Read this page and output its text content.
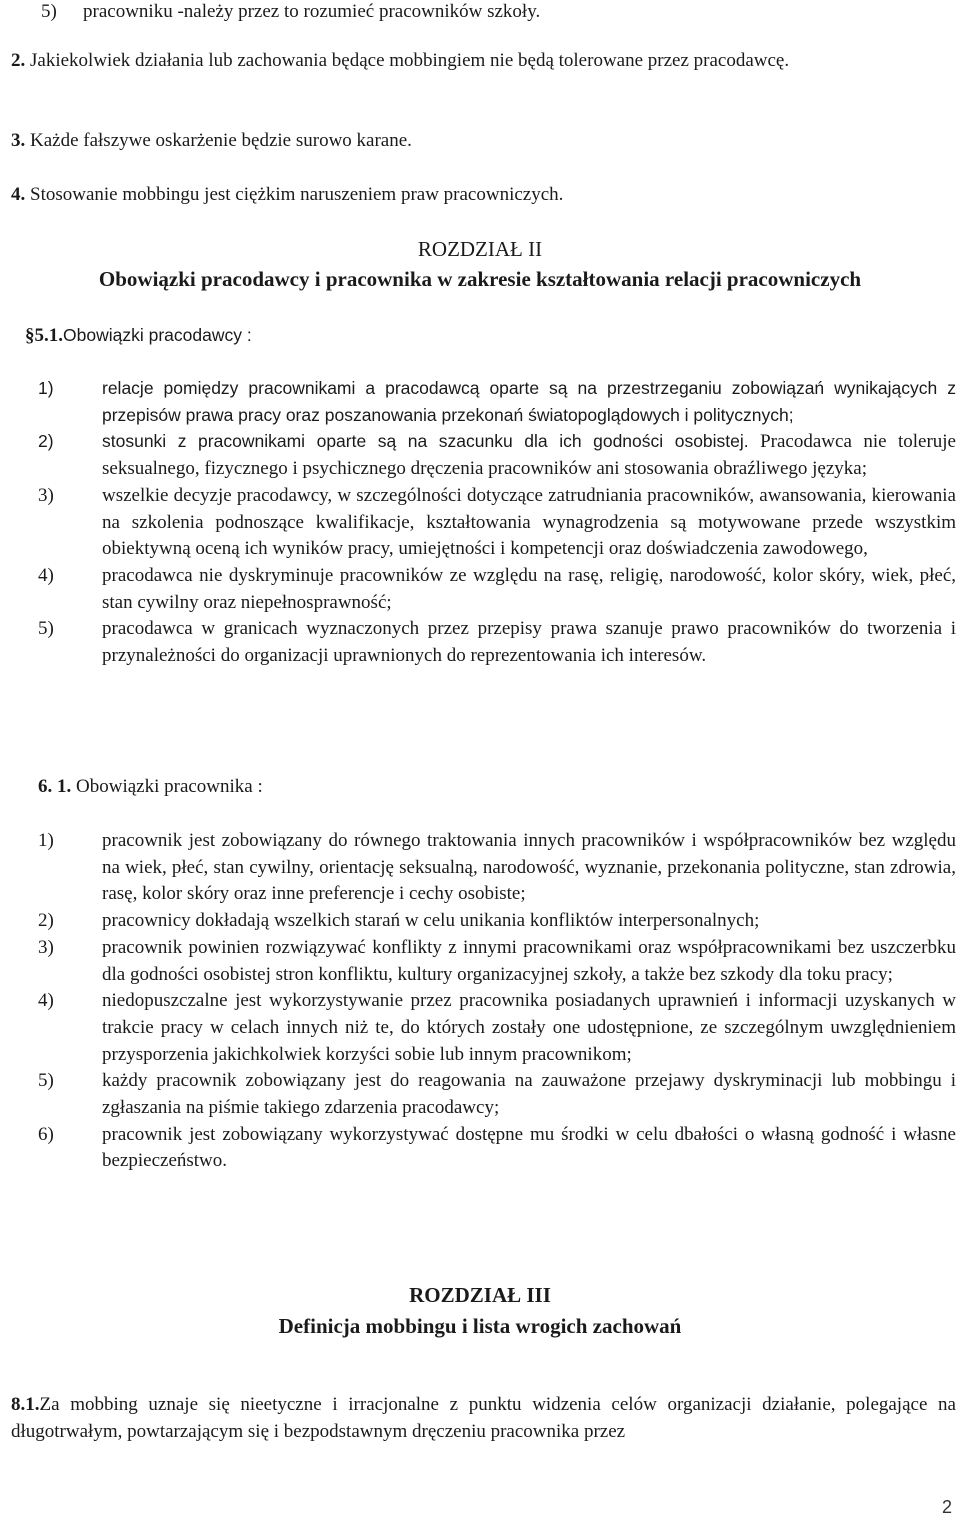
5)	pracowniku -należy przez to rozumieć pracowników szkoły.
2. Jakiekolwiek działania lub zachowania będące mobbingiem nie będą tolerowane przez pracodawcę.
3. Każde fałszywe oskarżenie będzie surowo karane.
4. Stosowanie mobbingu jest ciężkim naruszeniem praw pracowniczych.
ROZDZIAŁ II
Obowiązki pracodawcy i pracownika w zakresie kształtowania relacji pracowniczych
§5.1.Obowiązki pracodawcy :
1)	relacje pomiędzy pracownikami a pracodawcą oparte są na przestrzeganiu zobowiązań wynikających z przepisów prawa pracy oraz poszanowania przekonań światopoglądowych i politycznych;
2)	stosunki z pracownikami oparte są na szacunku dla ich godności osobistej. Pracodawca nie toleruje seksualnego, fizycznego i psychicznego dręczenia pracowników ani stosowania obraźliwego języka;
3)	wszelkie decyzje pracodawcy, w szczególności dotyczące zatrudniania pracowników, awansowania, kierowania na szkolenia podnoszące kwalifikacje, kształtowania wynagrodzenia są motywowane przede wszystkim obiektywną oceną ich wyników pracy, umiejętności i kompetencji oraz doświadczenia zawodowego,
4)	pracodawca nie dyskryminuje pracowników ze względu na rasę, religię, narodowość, kolor skóry, wiek, płeć, stan cywilny oraz niepełnosprawność;
5)	pracodawca w granicach wyznaczonych przez przepisy prawa szanuje prawo pracowników do tworzenia i przynależności do organizacji uprawnionych do reprezentowania ich interesów.
6. 1. Obowiązki pracownika :
1)	pracownik jest zobowiązany do równego traktowania innych pracowników i współpracowników bez względu na wiek, płeć, stan cywilny, orientację seksualną, narodowość, wyznanie, przekonania polityczne, stan zdrowia, rasę, kolor skóry oraz inne preferencje i cechy osobiste;
2)	pracownicy dokładają wszelkich starań w celu unikania konfliktów interpersonalnych;
3)	pracownik powinien rozwiązywać konflikty z innymi pracownikami oraz współpracownikami bez uszczerbku dla godności osobistej stron konfliktu, kultury organizacyjnej szkoły, a także bez szkody dla toku pracy;
4)	niedopuszczalne jest wykorzystywanie przez pracownika posiadanych uprawnień i informacji uzyskanych w trakcie pracy w celach innych niż te, do których zostały one udostępnione, ze szczególnym uwzględnieniem przysporzenia jakichkolwiek korzyści sobie lub innym pracownikom;
5)	każdy pracownik zobowiązany jest do reagowania na zauważone przejawy dyskryminacji lub mobbingu i zgłaszania na piśmie takiego zdarzenia pracodawcy;
6)	pracownik jest zobowiązany wykorzystywać dostępne mu środki w celu dbałości o własną godność i własne bezpieczeństwo.
ROZDZIAŁ III
Definicja mobbingu i lista wrogich zachowań
8.1.Za mobbing uznaje się nieetyczne i irracjonalne z punktu widzenia celów organizacji działanie, polegające na długotrwałym, powtarzającym się i bezpodstawnym dręczeniu pracownika przez
2
